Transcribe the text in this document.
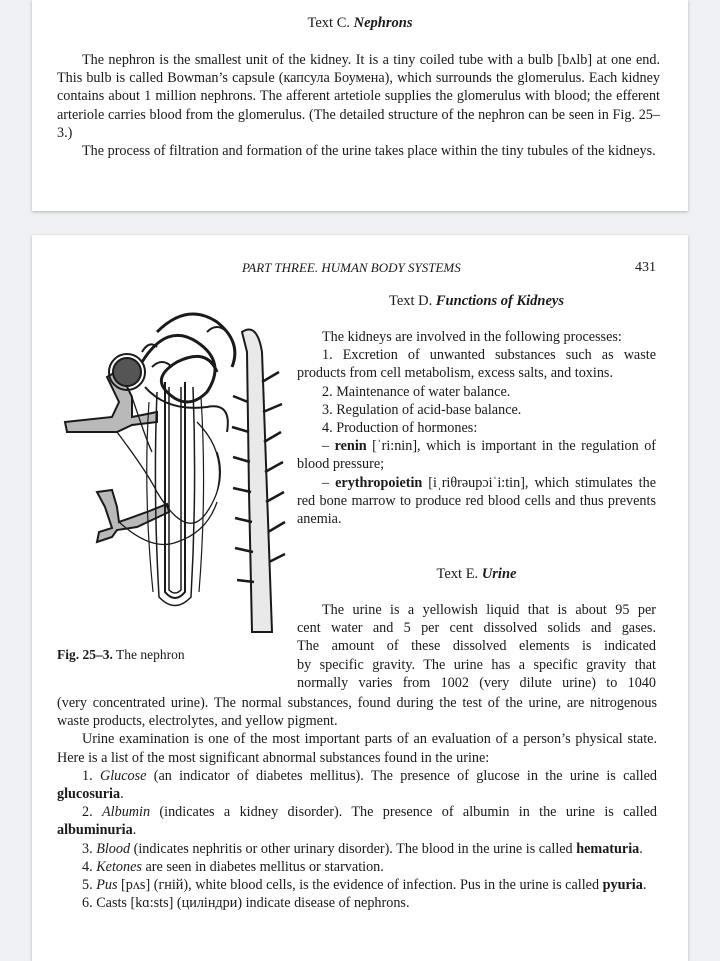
Text C. Nephrons

The nephron is the smallest unit of the kidney. It is a tiny coiled tube with a bulb [bʌlb] at one end. This bulb is called Bowman’s capsule (капсула Боумена), which surrounds the glomerulus. Each kidney contains about 1 million nephrons. The afferent artetiole supplies the glomerulus with blood; the efferent arteriole carries blood from the glomerulus. (The detailed structure of the nephron can be seen in Fig. 25–3.)

The process of filtration and formation of the urine takes place within the tiny tubules of the kidneys.

PART THREE. HUMAN BODY SYSTEMS	431
Fig. 25–3. The nephron
Text D. Functions of Kidneys

The kidneys are involved in the following processes:

1. Excretion of unwanted substances such as waste products from cell metabolism, excess salts, and toxins.

2. Maintenance of water balance.

3. Regulation of acid-base balance.

4. Production of hormones:

– renin [ˈri:nin], which is important in the regulation of blood pressure;

– erythropoietin [iˌriθrəupɔiˈi:tin], which stimulates the red bone marrow to produce red blood cells and thus prevents anemia.

Text E. Urine

The urine is a yellowish liquid that is about 95 per

cent water and 5 per cent dissolved solids and gases.

The amount of these dissolved elements is indicated

by specific gravity. The urine has a specific gravity that

normally varies from 1002 (very dilute urine) to 1040

(very concentrated urine). The normal substances, found during the test of the urine, are nitrogenous waste products, electrolytes, and yellow pigment.

Urine examination is one of the most important parts of an evaluation of a person’s physical state. Here is a list of the most significant abnormal substances found in the urine:

1. Glucose (an indicator of diabetes mellitus). The presence of glucose in the urine is called glucosuria.

2. Albumin (indicates a kidney disorder). The presence of albumin in the urine is called albuminuria.

3. Blood (indicates nephritis or other urinary disorder). The blood in the urine is called hematuria.

4. Ketones are seen in diabetes mellitus or starvation.

5. Pus [pʌs] (гній), white blood cells, is the evidence of infection. Pus in the urine is called pyuria.

6. Casts [kɑ:sts] (циліндри) indicate disease of nephrons.
